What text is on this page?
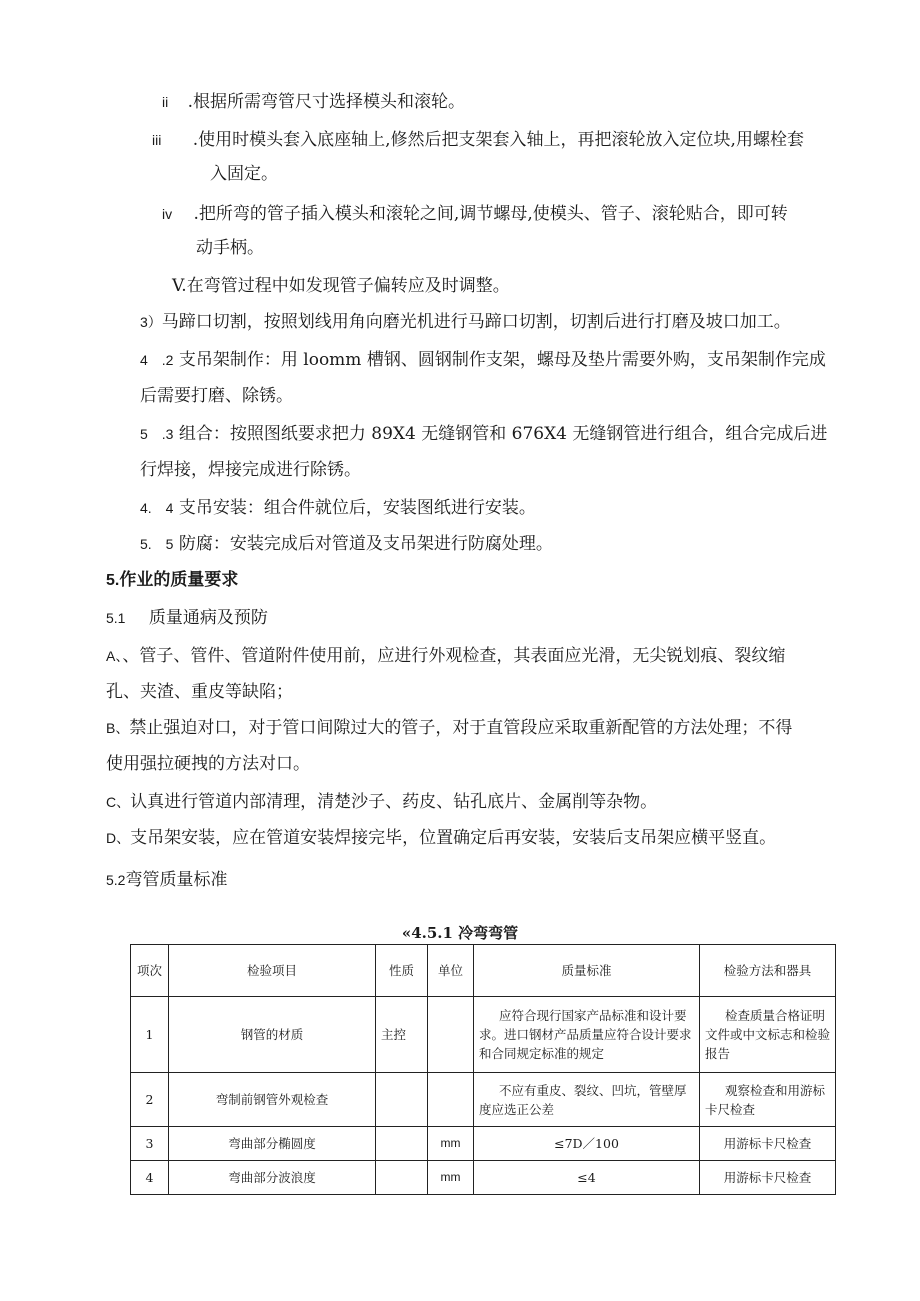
ii .根据所需弯管尺寸选择模头和滚轮。
iii .使用时模头套入底座轴上,修然后把支架套入轴上，再把滚轮放入定位块,用螺栓套
入固定。
iv .把所弯的管子插入模头和滚轮之间,调节螺母,使模头、管子、滚轮贴合，即可转
动手柄。
V.在弯管过程中如发现管子偏转应及时调整。
3）马蹄口切割，按照划线用角向磨光机进行马蹄口切割，切割后进行打磨及坡口加工。
4　.2 支吊架制作：用 loomm 槽钢、圆钢制作支架，螺母及垫片需要外购，支吊架制作完成
后需要打磨、除锈。
5　.3 组合：按照图纸要求把力 89X4 无缝钢管和 676X4 无缝钢管进行组合，组合完成后进
行焊接，焊接完成进行除锈。
4.　4 支吊安装：组合件就位后，安装图纸进行安装。
5.　5 防腐：安装完成后对管道及支吊架进行防腐处理。
5.作业的质量要求
5.1 质量通病及预防
A、、管子、管件、管道附件使用前，应进行外观检查，其表面应光滑，无尖锐划痕、裂纹缩
孔、夹渣、重皮等缺陷；
B、禁止强迫对口，对于管口间隙过大的管子，对于直管段应采取重新配管的方法处理；不得
使用强拉硬拽的方法对口。
C、认真进行管道内部清理，清楚沙子、药皮、钻孔底片、金属削等杂物。
D、支吊架安装，应在管道安装焊接完毕，位置确定后再安装，安装后支吊架应横平竖直。
5.2弯管质量标准
«4.5.1 冷弯弯管
项次	检验项目	性质	单位	质量标准	检验方法和器具
1	钢管的材质	主控		应符合现行国家产品标准和设计要求。进口钢材产品质量应符合设计要求和合同规定标准的规定	检查质量合格证明文件或中文标志和检验报告
2	弯制前钢管外观检查			不应有重皮、裂纹、凹坑，管壁厚度应选正公差	观察检查和用游标卡尺检查
3	弯曲部分椭圆度		mm	≤7D／100	用游标卡尺检查
4	弯曲部分波浪度		mm	≤4	用游标卡尺检查
